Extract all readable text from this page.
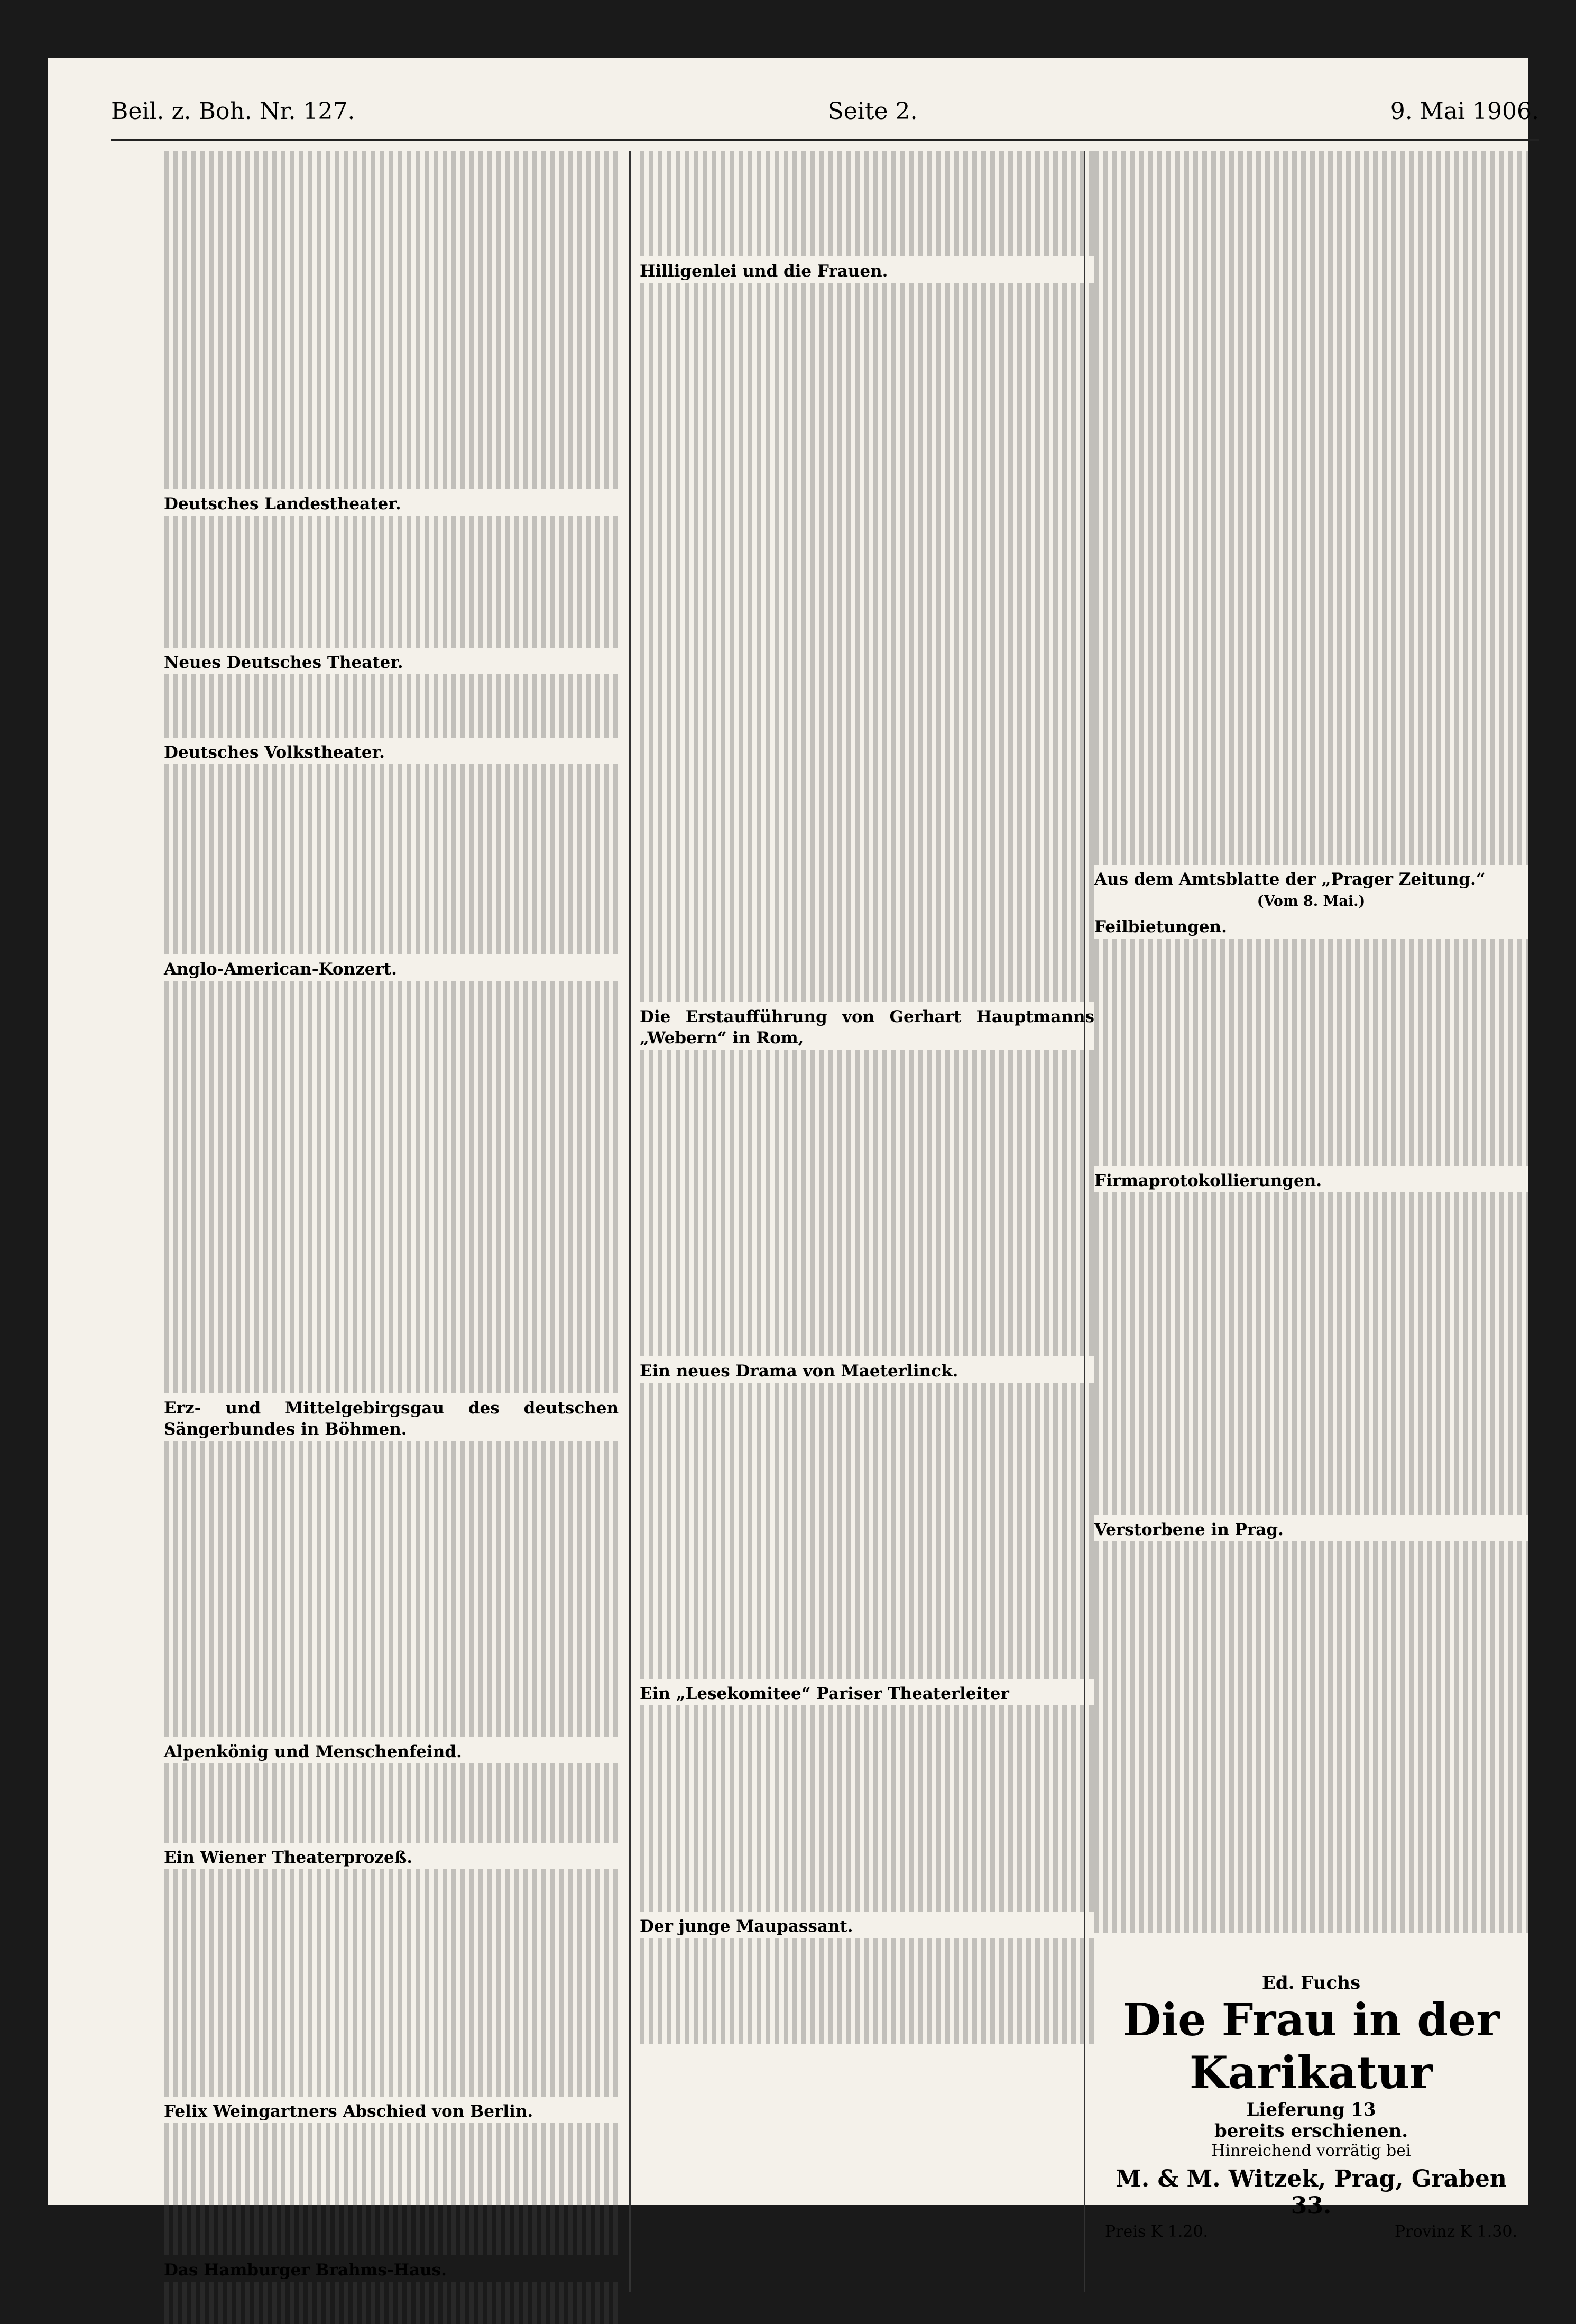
Beil. z. Boh. Nr. 127.	Seite 2.	9. Mai 1906.
Deutsches Landestheater.
Neues Deutsches Theater.
Deutsches Volkstheater.
Anglo-American-Konzert.
Erz- und Mittelgebirgsgau des deutschen Sängerbundes in Böhmen.
Alpenkönig und Menschenfeind.
Ein Wiener Theaterprozeß.
Felix Weingartners Abschied von Berlin.
Das Hamburger Brahms-Haus.
Hilligenlei und die Frauen.
Die Erstaufführung von Gerhart Hauptmanns „Webern“ in Rom,
Ein neues Drama von Maeterlinck.
Ein „Lesekomitee“ Pariser Theaterleiter
Der junge Maupassant.
Aus dem Amtsblatte der „Prager Zeitung.“
(Vom 8. Mai.)
Feilbietungen.
Firmaprotokollierungen.
Verstorbene in Prag.
Ed. Fuchs
Die Frau in der Karikatur
Lieferung 13
bereits erschienen.
Hinreichend vorrätig bei
M. & M. Witzek, Prag, Graben 33.
Preis K 1.20.	Provinz K 1.30.
